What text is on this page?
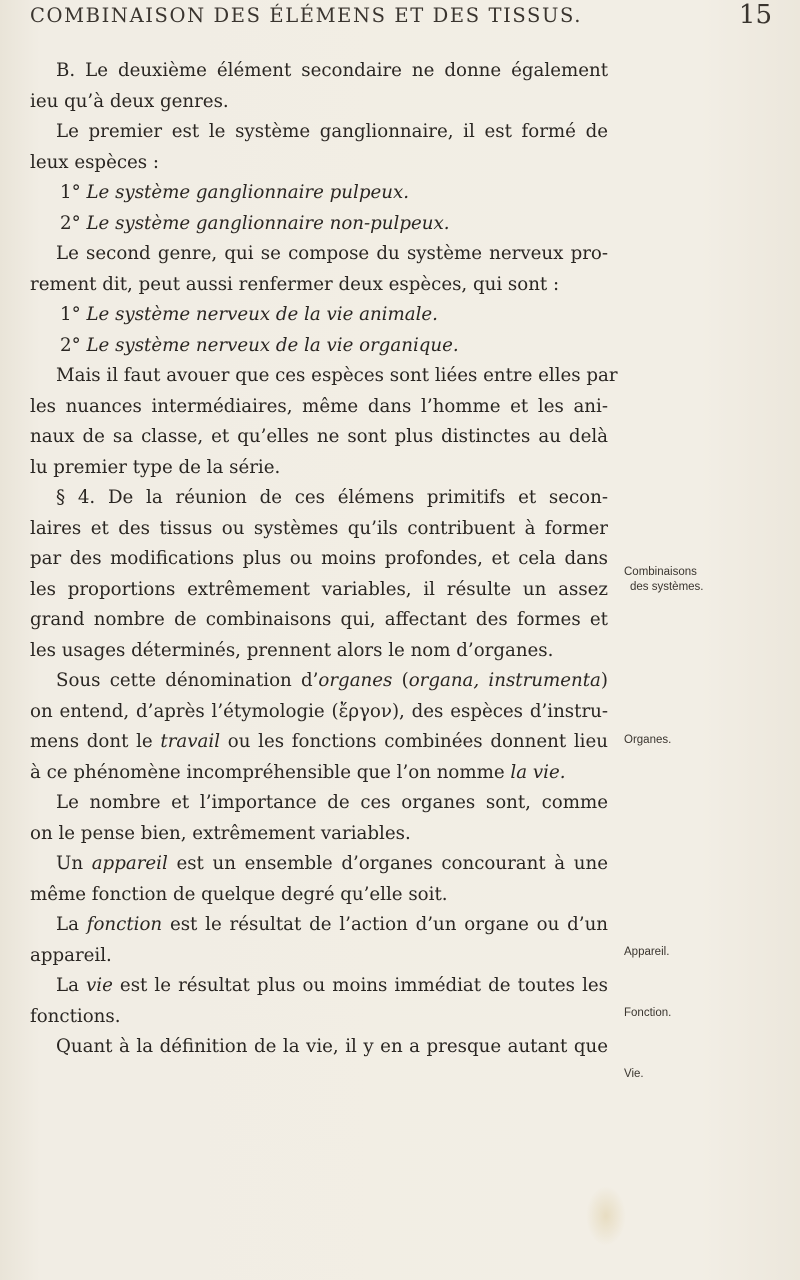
COMBINAISON DES ÉLÉMENS ET DES TISSUS.	15
B. Le deuxième élément secondaire ne donne également
ieu qu’à deux genres.
Le premier est le système ganglionnaire, il est formé de
leux espèces :
1° Le système ganglionnaire pulpeux.
2° Le système ganglionnaire non-pulpeux.
Le second genre, qui se compose du système nerveux pro-
rement dit, peut aussi renfermer deux espèces, qui sont :
1° Le système nerveux de la vie animale.
2° Le système nerveux de la vie organique.
Mais il faut avouer que ces espèces sont liées entre elles par
les nuances intermédiaires, même dans l’homme et les ani-
naux de sa classe, et qu’elles ne sont plus distinctes au delà
lu premier type de la série.
§ 4. De la réunion de ces élémens primitifs et secon-
laires et des tissus ou systèmes qu’ils contribuent à former
par des modifications plus ou moins profondes, et cela dans
les proportions extrêmement variables, il résulte un assez
grand nombre de combinaisons qui, affectant des formes et
les usages déterminés, prennent alors le nom d’organes.
Sous cette dénomination d’organes (organa, instrumenta)
on entend, d’après l’étymologie (ἔργον), des espèces d’instru-
mens dont le travail ou les fonctions combinées donnent lieu
à ce phénomène incompréhensible que l’on nomme la vie.
Le nombre et l’importance de ces organes sont, comme
on le pense bien, extrêmement variables.
Un appareil est un ensemble d’organes concourant à une
même fonction de quelque degré qu’elle soit.
La fonction est le résultat de l’action d’un organe ou d’un
appareil.
La vie est le résultat plus ou moins immédiat de toutes les
fonctions.
Quant à la définition de la vie, il y en a presque autant que
Combinaisons
des systèmes.
Organes.
Appareil.
Fonction.
Vie.
